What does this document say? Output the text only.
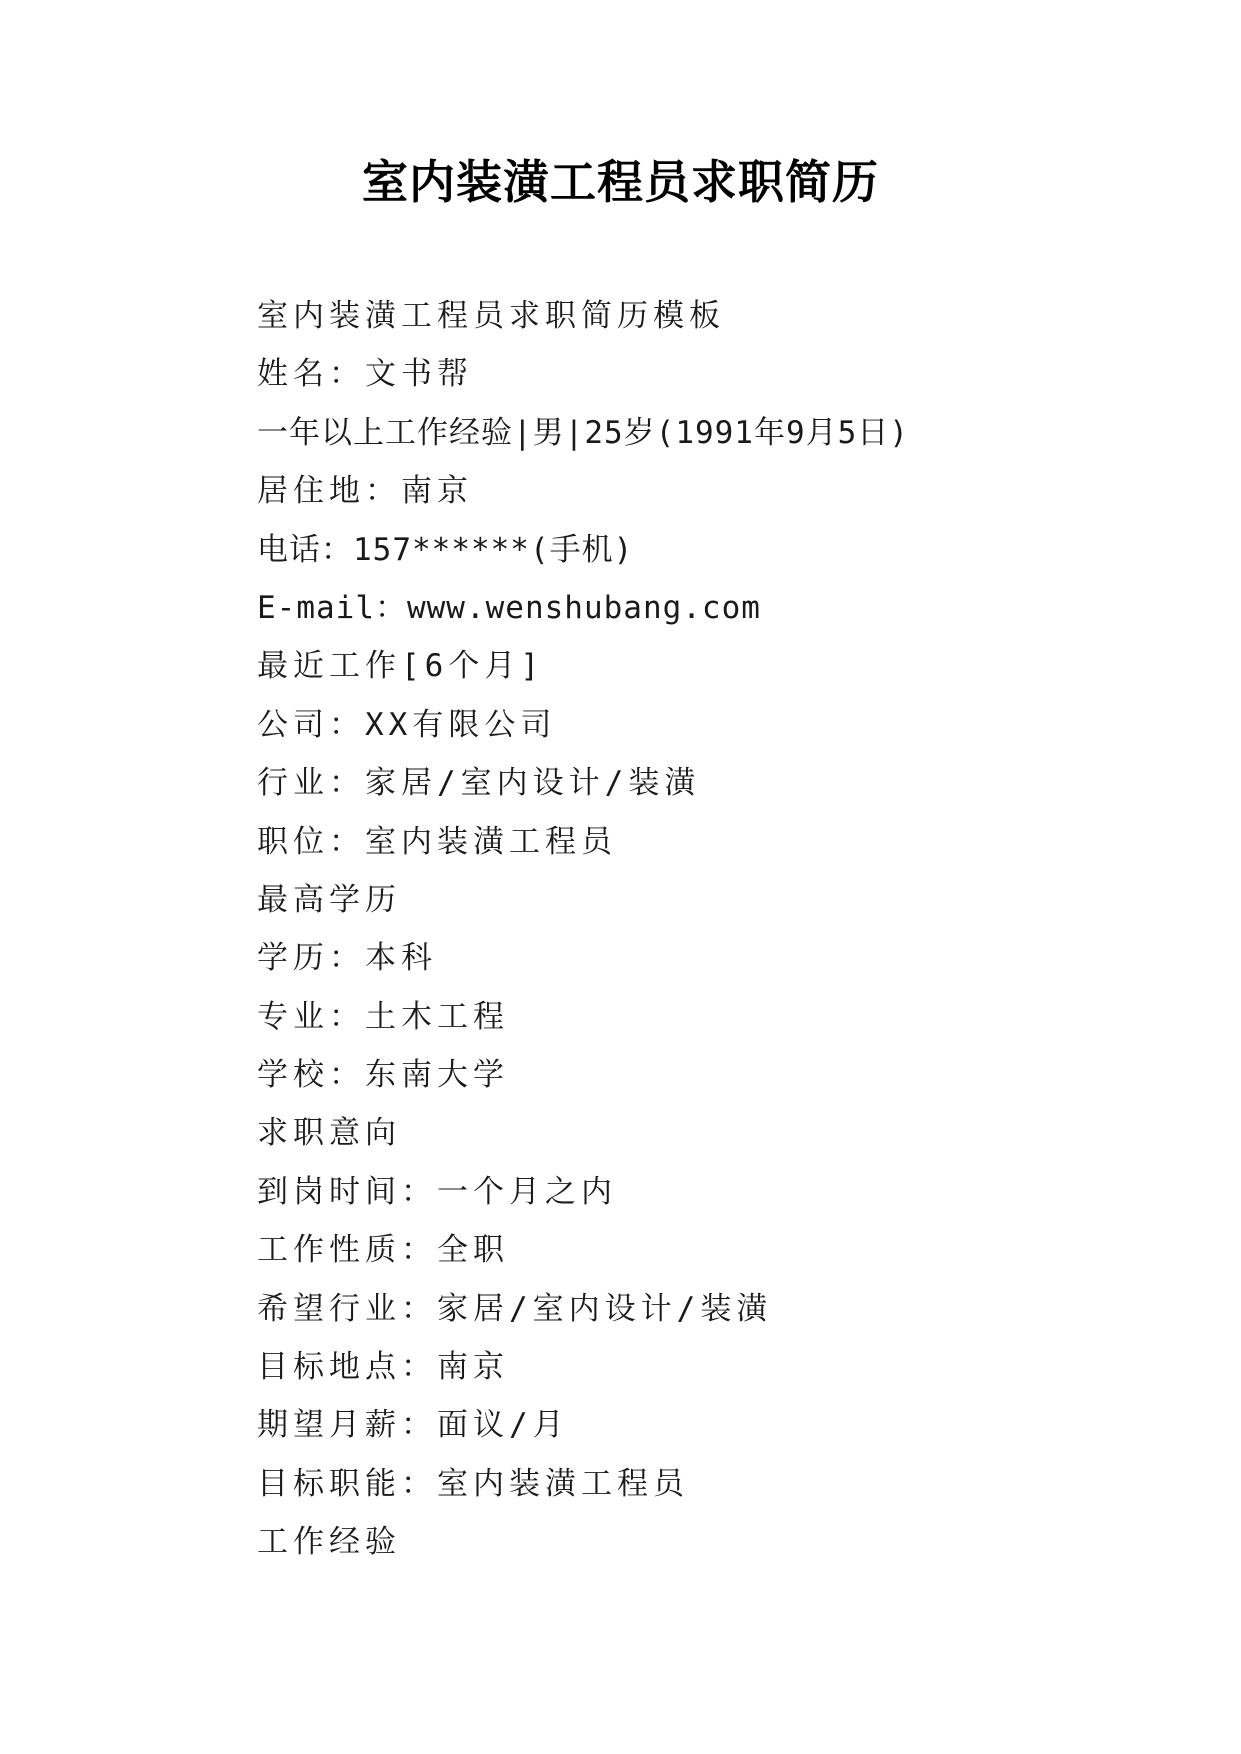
室内装潢工程员求职简历
室内装潢工程员求职简历模板
姓名：文书帮
一年以上工作经验|男|25岁(1991年9月5日)
居住地：南京
电话：157******(手机)
E-mail：www.wenshubang.com
最近工作[6个月]
公司：XX有限公司
行业：家居/室内设计/装潢
职位：室内装潢工程员
最高学历
学历：本科
专业：土木工程
学校：东南大学
求职意向
到岗时间：一个月之内
工作性质：全职
希望行业：家居/室内设计/装潢
目标地点：南京
期望月薪：面议/月
目标职能：室内装潢工程员
工作经验
